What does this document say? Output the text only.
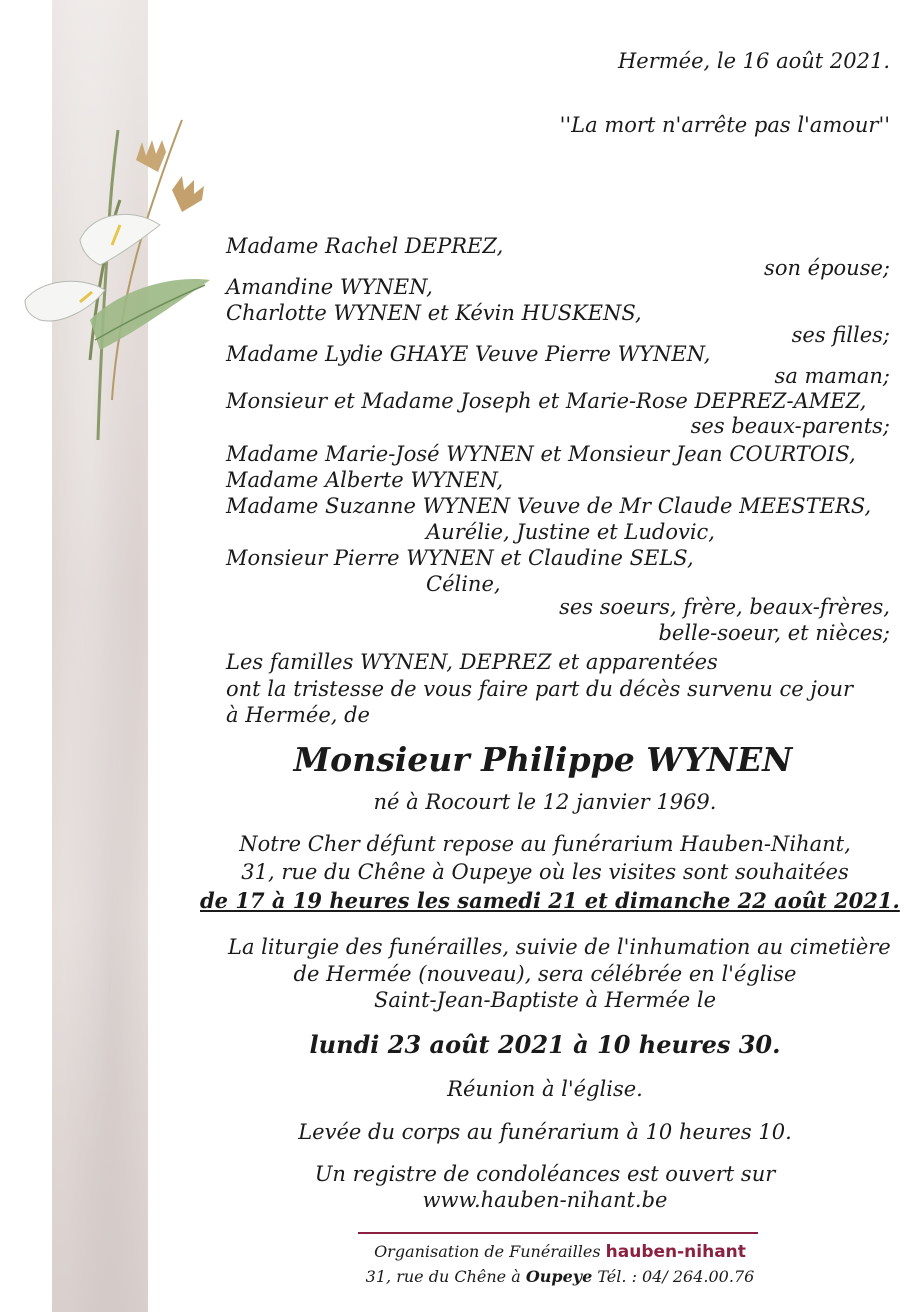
Hermée, le 16 août 2021.
''La mort n'arrête pas l'amour''
Madame Rachel DEPREZ,
son épouse;
Amandine WYNEN,
Charlotte WYNEN et Kévin HUSKENS,
ses filles;
Madame Lydie GHAYE Veuve Pierre WYNEN,
sa maman;
Monsieur et Madame Joseph et Marie-Rose DEPREZ-AMEZ,
ses beaux-parents;
Madame Marie-José WYNEN et Monsieur Jean COURTOIS,
Madame Alberte WYNEN,
Madame Suzanne WYNEN Veuve de Mr Claude MEESTERS,
Aurélie, Justine et Ludovic,
Monsieur Pierre WYNEN et Claudine SELS,
Céline,
ses soeurs, frère, beaux-frères,
belle-soeur, et nièces;
Les familles WYNEN, DEPREZ et apparentées
ont la tristesse de vous faire part du décès survenu ce jour
à Hermée, de
Monsieur Philippe WYNEN
né à Rocourt le 12 janvier 1969.
Notre Cher défunt repose au funérarium Hauben-Nihant,
31, rue du Chêne à Oupeye où les visites sont souhaitées
de 17 à 19 heures les samedi 21 et dimanche 22 août 2021.
La liturgie des funérailles, suivie de l'inhumation au cimetière
de Hermée (nouveau), sera célébrée en l'église
Saint-Jean-Baptiste à Hermée le
lundi 23 août 2021 à 10 heures 30.
Réunion à l'église.
Levée du corps au funérarium à 10 heures 10.
Un registre de condoléances est ouvert sur
www.hauben-nihant.be
Organisation de Funérailles hauben-nihant
31, rue du Chêne à Oupeye Tél. : 04/ 264.00.76
